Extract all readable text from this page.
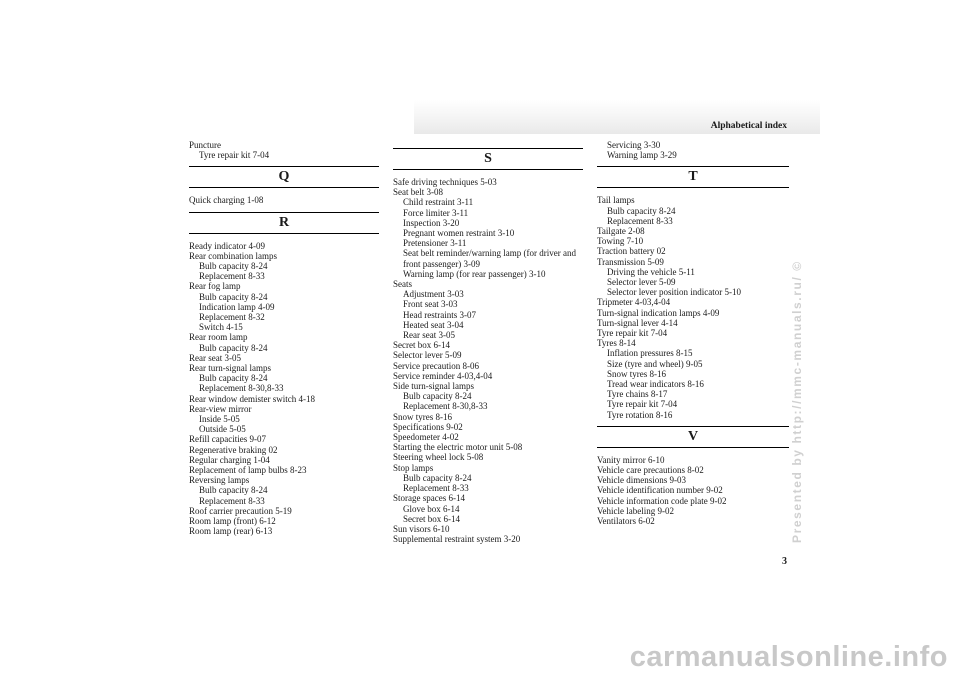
Alphabetical index
Puncture
Tyre repair kit 7-04
Q
Quick charging 1-08
R
Ready indicator 4-09
Rear combination lamps
Bulb capacity 8-24
Replacement 8-33
Rear fog lamp
Bulb capacity 8-24
Indication lamp 4-09
Replacement 8-32
Switch 4-15
Rear room lamp
Bulb capacity 8-24
Rear seat 3-05
Rear turn-signal lamps
Bulb capacity 8-24
Replacement 8-30,8-33
Rear window demister switch 4-18
Rear-view mirror
Inside 5-05
Outside 5-05
Refill capacities 9-07
Regenerative braking 02
Regular charging 1-04
Replacement of lamp bulbs 8-23
Reversing lamps
Bulb capacity 8-24
Replacement 8-33
Roof carrier precaution 5-19
Room lamp (front) 6-12
Room lamp (rear) 6-13
S
Safe driving techniques 5-03
Seat belt 3-08
Child restraint 3-11
Force limiter 3-11
Inspection 3-20
Pregnant women restraint 3-10
Pretensioner 3-11
Seat belt reminder/warning lamp (for driver and front passenger) 3-09
Warning lamp (for rear passenger) 3-10
Seats
Adjustment 3-03
Front seat 3-03
Head restraints 3-07
Heated seat 3-04
Rear seat 3-05
Secret box 6-14
Selector lever 5-09
Service precaution 8-06
Service reminder 4-03,4-04
Side turn-signal lamps
Bulb capacity 8-24
Replacement 8-30,8-33
Snow tyres 8-16
Specifications 9-02
Speedometer 4-02
Starting the electric motor unit 5-08
Steering wheel lock 5-08
Stop lamps
Bulb capacity 8-24
Replacement 8-33
Storage spaces 6-14
Glove box 6-14
Secret box 6-14
Sun visors 6-10
Supplemental restraint system 3-20
Servicing 3-30
Warning lamp 3-29
T
Tail lamps
Bulb capacity 8-24
Replacement 8-33
Tailgate 2-08
Towing 7-10
Traction battery 02
Transmission 5-09
Driving the vehicle 5-11
Selector lever 5-09
Selector lever position indicator 5-10
Tripmeter 4-03,4-04
Turn-signal indication lamps 4-09
Turn-signal lever 4-14
Tyre repair kit 7-04
Tyres 8-14
Inflation pressures 8-15
Size (tyre and wheel) 9-05
Snow tyres 8-16
Tread wear indicators 8-16
Tyre chains 8-17
Tyre repair kit 7-04
Tyre rotation 8-16
V
Vanity mirror 6-10
Vehicle care precautions 8-02
Vehicle dimensions 9-03
Vehicle identification number 9-02
Vehicle information code plate 9-02
Vehicle labeling 9-02
Ventilators 6-02
3
Presented by http://mmc-manuals.ru/ ©
carmanualsonline.info
